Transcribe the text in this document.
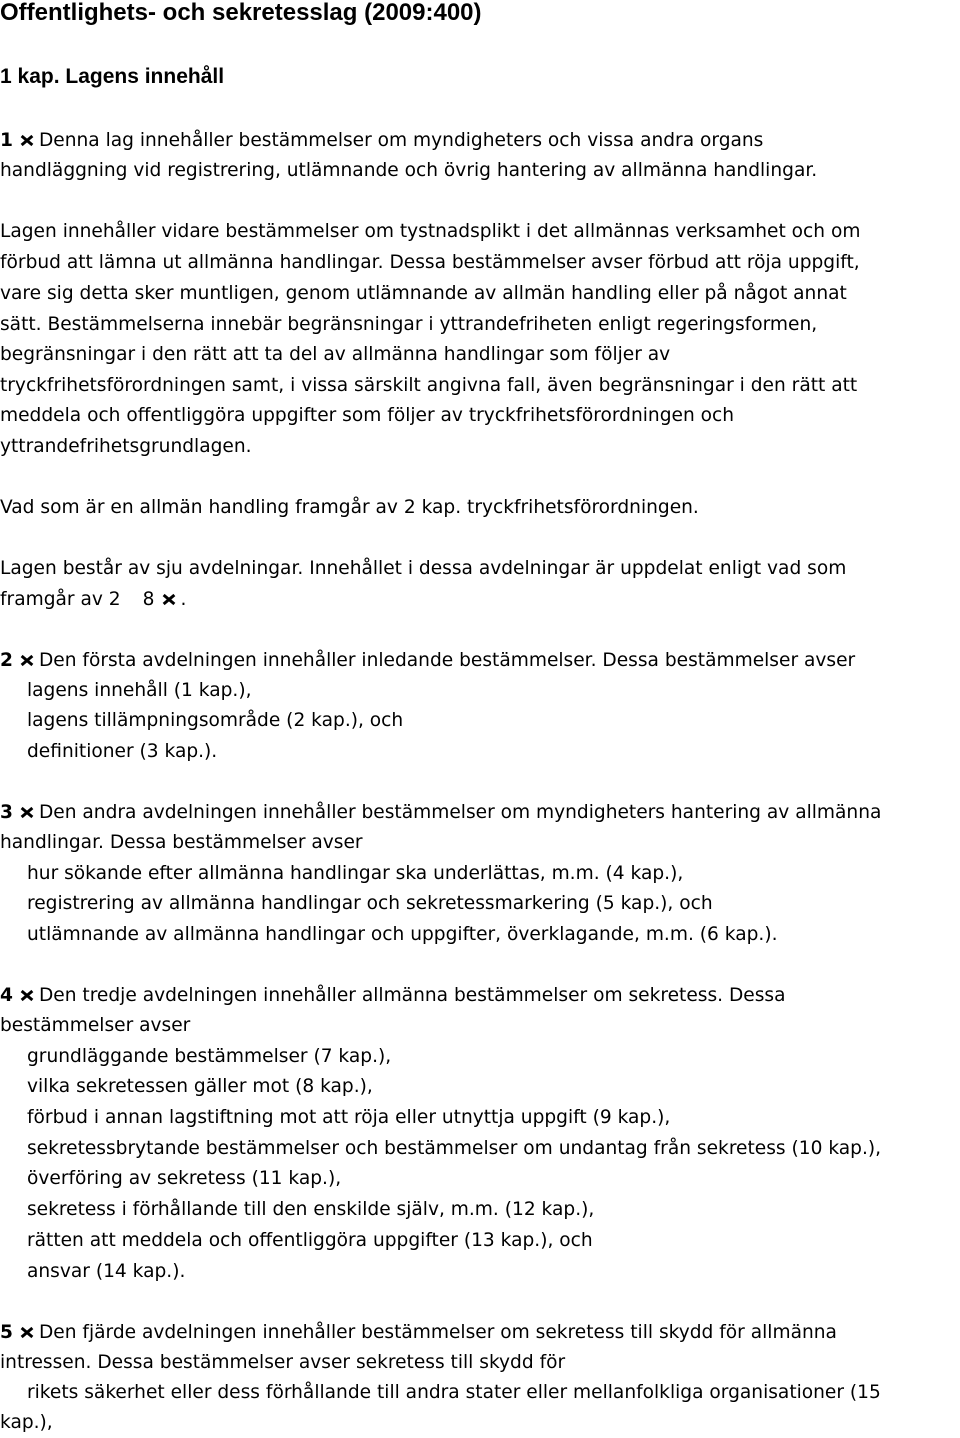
Offentlighets- och sekretesslag (2009:400)
1 kap. Lagens innehåll
1 Denna lag innehåller bestämmelser om myndigheters och vissa andra organs
handläggning vid registrering, utlämnande och övrig hantering av allmänna handlingar.
Lagen innehåller vidare bestämmelser om tystnadsplikt i det allmännas verksamhet och om
förbud att lämna ut allmänna handlingar. Dessa bestämmelser avser förbud att röja uppgift,
vare sig detta sker muntligen, genom utlämnande av allmän handling eller på något annat
sätt. Bestämmelserna innebär begränsningar i yttrandefriheten enligt regeringsformen,
begränsningar i den rätt att ta del av allmänna handlingar som följer av
tryckfrihetsförordningen samt, i vissa särskilt angivna fall, även begränsningar i den rätt att
meddela och offentliggöra uppgifter som följer av tryckfrihetsförordningen och
yttrandefrihetsgrundlagen.
Vad som är en allmän handling framgår av 2 kap. tryckfrihetsförordningen.
Lagen består av sju avdelningar. Innehållet i dessa avdelningar är uppdelat enligt vad som
framgår av 2 8 .
2 Den första avdelningen innehåller inledande bestämmelser. Dessa bestämmelser avser
lagens innehåll (1 kap.),
lagens tillämpningsområde (2 kap.), och
definitioner (3 kap.).
3 Den andra avdelningen innehåller bestämmelser om myndigheters hantering av allmänna
handlingar. Dessa bestämmelser avser
hur sökande efter allmänna handlingar ska underlättas, m.m. (4 kap.),
registrering av allmänna handlingar och sekretessmarkering (5 kap.), och
utlämnande av allmänna handlingar och uppgifter, överklagande, m.m. (6 kap.).
4 Den tredje avdelningen innehåller allmänna bestämmelser om sekretess. Dessa
bestämmelser avser
grundläggande bestämmelser (7 kap.),
vilka sekretessen gäller mot (8 kap.),
förbud i annan lagstiftning mot att röja eller utnyttja uppgift (9 kap.),
sekretessbrytande bestämmelser och bestämmelser om undantag från sekretess (10 kap.),
överföring av sekretess (11 kap.),
sekretess i förhållande till den enskilde själv, m.m. (12 kap.),
rätten att meddela och offentliggöra uppgifter (13 kap.), och
ansvar (14 kap.).
5 Den fjärde avdelningen innehåller bestämmelser om sekretess till skydd för allmänna
intressen. Dessa bestämmelser avser sekretess till skydd för
rikets säkerhet eller dess förhållande till andra stater eller mellanfolkliga organisationer (15
kap.),
